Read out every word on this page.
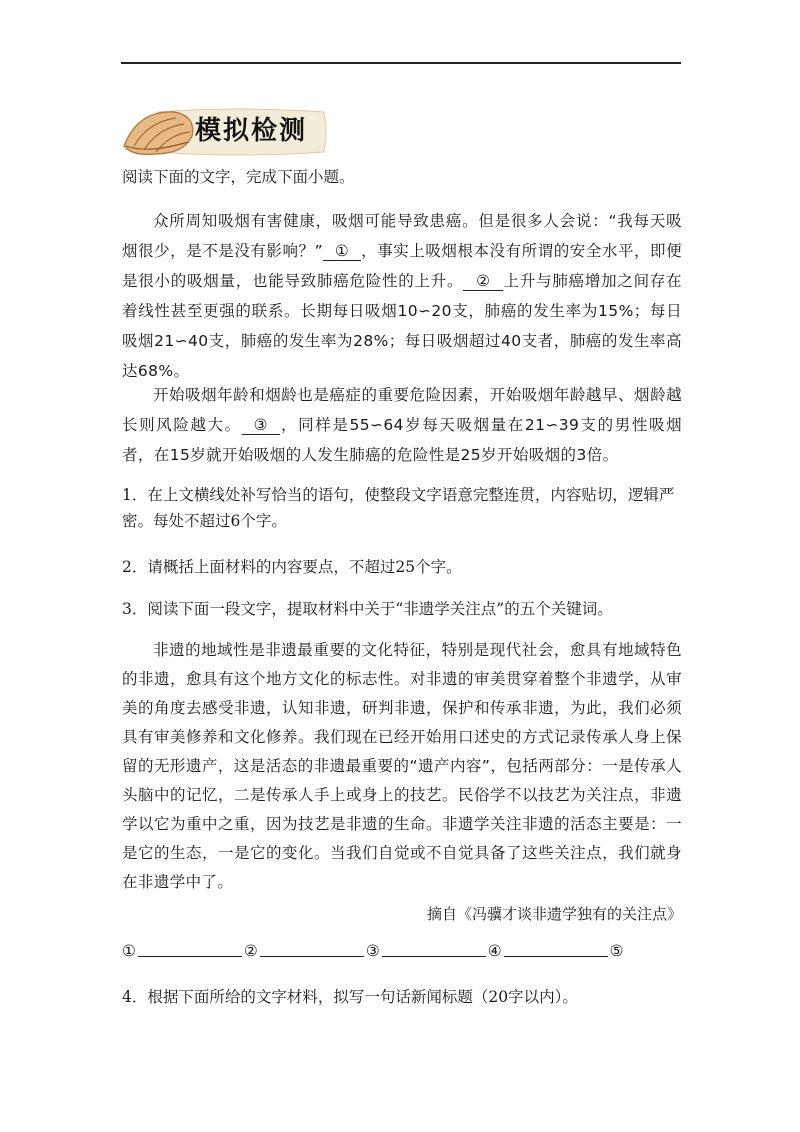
模拟检测

阅读下面的文字，完成下面小题。

众所周知吸烟有害健康，吸烟可能导致患癌。但是很多人会说：“我每天吸烟很少，是不是没有影响？” ① ，事实上吸烟根本没有所谓的安全水平，即便是很小的吸烟量，也能导致肺癌危险性的上升。 ② 上升与肺癌增加之间存在着线性甚至更强的联系。长期每日吸烟10∽20支，肺癌的发生率为15%；每日吸烟21∽40支，肺癌的发生率为28%；每日吸烟超过40支者，肺癌的发生率高达68%。

开始吸烟年龄和烟龄也是癌症的重要危险因素，开始吸烟年龄越早、烟龄越长则风险越大。 ③ ，同样是55∽64岁每天吸烟量在21∽39支的男性吸烟者，在15岁就开始吸烟的人发生肺癌的危险性是25岁开始吸烟的3倍。

1．在上文横线处补写恰当的语句，使整段文字语意完整连贯，内容贴切，逻辑严密。每处不超过6个字。

2．请概括上面材料的内容要点，不超过25个字。

3．阅读下面一段文字，提取材料中关于“非遗学关注点”的五个关键词。

非遗的地域性是非遗最重要的文化特征，特别是现代社会，愈具有地域特色的非遗，愈具有这个地方文化的标志性。对非遗的审美贯穿着整个非遗学，从审美的角度去感受非遗，认知非遗，研判非遗，保护和传承非遗，为此，我们必须具有审美修养和文化修养。我们现在已经开始用口述史的方式记录传承人身上保留的无形遗产，这是活态的非遗最重要的“遗产内容”，包括两部分：一是传承人头脑中的记忆，二是传承人手上或身上的技艺。民俗学不以技艺为关注点，非遗学以它为重中之重，因为技艺是非遗的生命。非遗学关注非遗的活态主要是：一是它的生态，一是它的变化。当我们自觉或不自觉具备了这些关注点，我们就身在非遗学中了。

摘自《冯骥才谈非遗学独有的关注点》
①	②	③	④	⑤

4．根据下面所给的文字材料，拟写一句话新闻标题（20字以内）。
